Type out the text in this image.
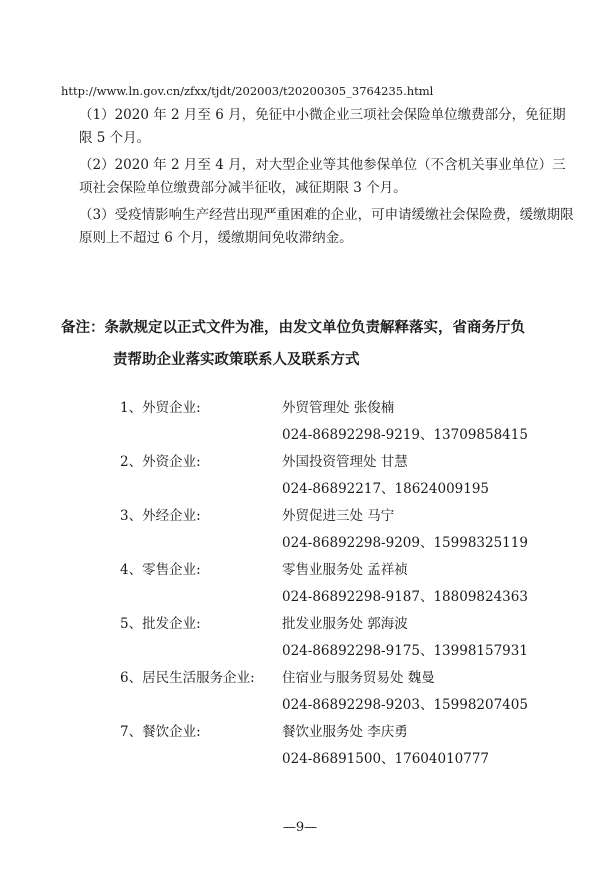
http://www.ln.gov.cn/zfxx/tjdt/202003/t20200305_3764235.html
（1）2020 年 2 月至 6 月，免征中小微企业三项社会保险单位缴费部分，免征期限 5 个月。
（2）2020 年 2 月至 4 月，对大型企业等其他参保单位（不含机关事业单位）三项社会保险单位缴费部分减半征收，减征期限 3 个月。
（3）受疫情影响生产经营出现严重困难的企业，可申请缓缴社会保险费，缓缴期限原则上不超过 6 个月，缓缴期间免收滞纳金。
备注：条款规定以正式文件为准，由发文单位负责解释落实，省商务厅负
责帮助企业落实政策联系人及联系方式
1、外贸企业:	外贸管理处 张俊楠
024-86892298-9219、13709858415
2、外资企业:	外国投资管理处 甘慧
024-86892217、18624009195
3、外经企业:	外贸促进三处 马宁
024-86892298-9209、15998325119
4、零售企业:	零售业服务处 孟祥祯
024-86892298-9187、18809824363
5、批发企业:	批发业服务处 郭海波
024-86892298-9175、13998157931
6、居民生活服务企业: 住宿业与服务贸易处 魏曼
024-86892298-9203、15998207405
7、餐饮企业:	餐饮业服务处 李庆勇
024-86891500、17604010777
—9—
